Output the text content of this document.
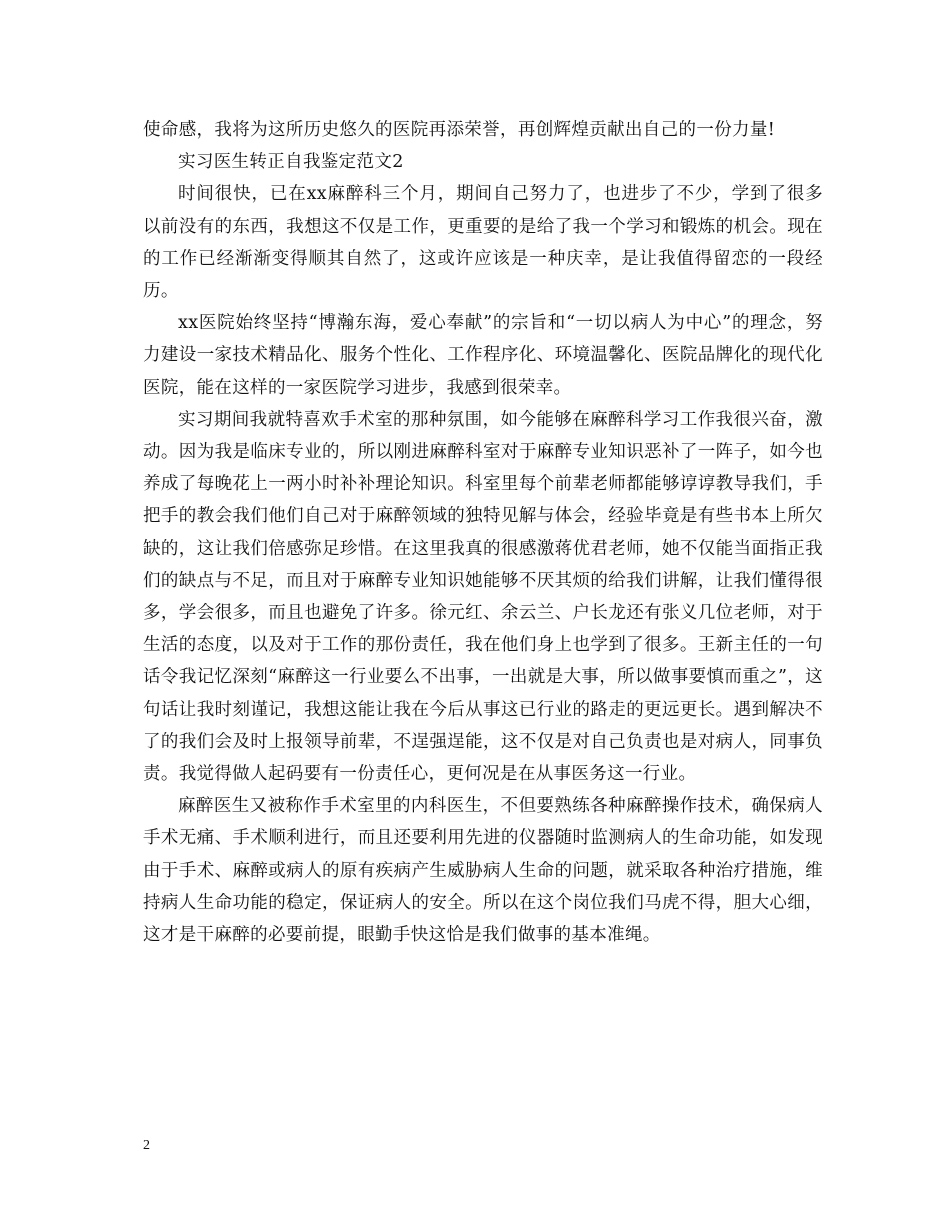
使命感，我将为这所历史悠久的医院再添荣誉，再创辉煌贡献出自己的一份力量!

实习医生转正自我鉴定范文2

时间很快，已在xx麻醉科三个月，期间自己努力了，也进步了不少，学到了很多以前没有的东西，我想这不仅是工作，更重要的是给了我一个学习和锻炼的机会。现在的工作已经渐渐变得顺其自然了，这或许应该是一种庆幸，是让我值得留恋的一段经历。

xx医院始终坚持“博瀚东海，爱心奉献”的宗旨和“一切以病人为中心”的理念，努力建设一家技术精品化、服务个性化、工作程序化、环境温馨化、医院品牌化的现代化医院，能在这样的一家医院学习进步，我感到很荣幸。

实习期间我就特喜欢手术室的那种氛围，如今能够在麻醉科学习工作我很兴奋，激动。因为我是临床专业的，所以刚进麻醉科室对于麻醉专业知识恶补了一阵子，如今也养成了每晚花上一两小时补补理论知识。科室里每个前辈老师都能够谆谆教导我们，手把手的教会我们他们自己对于麻醉领域的独特见解与体会，经验毕竟是有些书本上所欠缺的，这让我们倍感弥足珍惜。在这里我真的很感激蒋优君老师，她不仅能当面指正我们的缺点与不足，而且对于麻醉专业知识她能够不厌其烦的给我们讲解，让我们懂得很多，学会很多，而且也避免了许多。徐元红、余云兰、户长龙还有张义几位老师，对于生活的态度，以及对于工作的那份责任，我在他们身上也学到了很多。王新主任的一句话令我记忆深刻“麻醉这一行业要么不出事，一出就是大事，所以做事要慎而重之”，这句话让我时刻谨记，我想这能让我在今后从事这已行业的路走的更远更长。遇到解决不了的我们会及时上报领导前辈，不逞强逞能，这不仅是对自己负责也是对病人，同事负责。我觉得做人起码要有一份责任心，更何况是在从事医务这一行业。

麻醉医生又被称作手术室里的内科医生，不但要熟练各种麻醉操作技术，确保病人手术无痛、手术顺利进行，而且还要利用先进的仪器随时监测病人的生命功能，如发现由于手术、麻醉或病人的原有疾病产生威胁病人生命的问题，就采取各种治疗措施，维持病人生命功能的稳定，保证病人的安全。所以在这个岗位我们马虎不得，胆大心细，这才是干麻醉的必要前提，眼勤手快这恰是我们做事的基本准绳。

2
